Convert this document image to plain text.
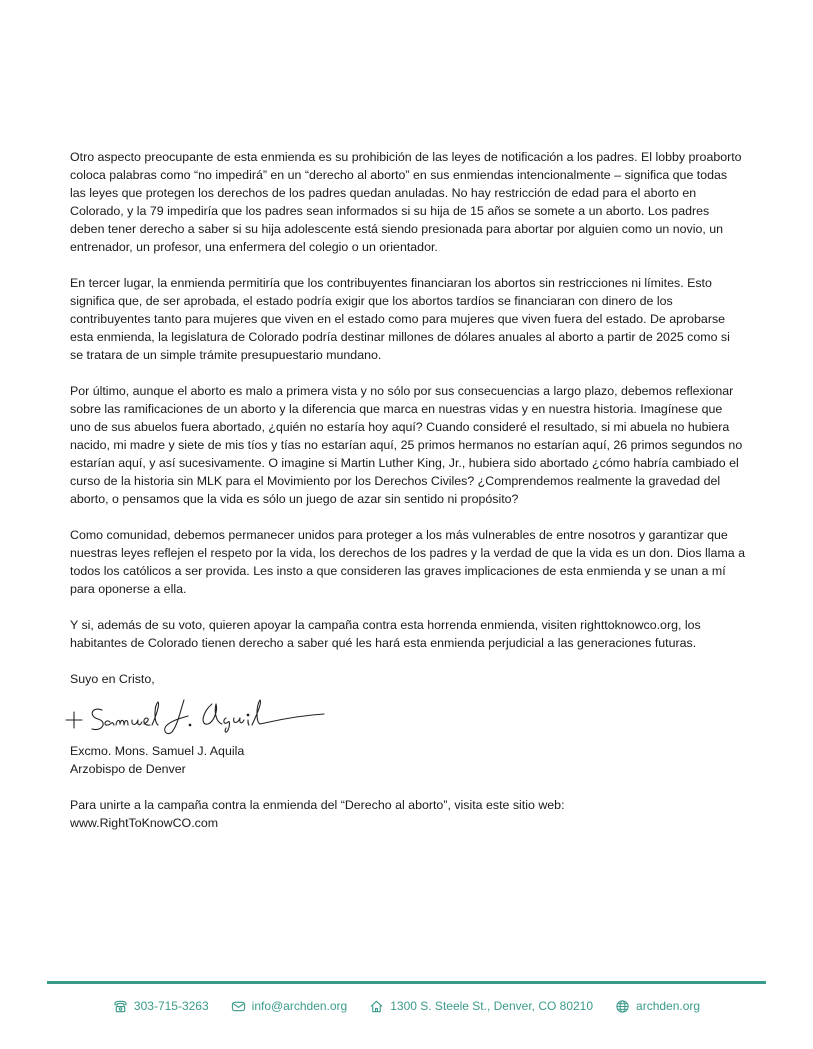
Otro aspecto preocupante de esta enmienda es su prohibición de las leyes de notificación a los padres. El lobby proaborto coloca palabras como “no impedirá” en un “derecho al aborto” en sus enmiendas intencionalmente – significa que todas las leyes que protegen los derechos de los padres quedan anuladas. No hay restricción de edad para el aborto en Colorado, y la 79 impediría que los padres sean informados si su hija de 15 años se somete a un aborto. Los padres deben tener derecho a saber si su hija adolescente está siendo presionada para abortar por alguien como un novio, un entrenador, un profesor, una enfermera del colegio o un orientador.

En tercer lugar, la enmienda permitiría que los contribuyentes financiaran los abortos sin restricciones ni límites. Esto significa que, de ser aprobada, el estado podría exigir que los abortos tardíos se financiaran con dinero de los contribuyentes tanto para mujeres que viven en el estado como para mujeres que viven fuera del estado. De aprobarse esta enmienda, la legislatura de Colorado podría destinar millones de dólares anuales al aborto a partir de 2025 como si se tratara de un simple trámite presupuestario mundano.

Por último, aunque el aborto es malo a primera vista y no sólo por sus consecuencias a largo plazo, debemos reflexionar sobre las ramificaciones de un aborto y la diferencia que marca en nuestras vidas y en nuestra historia. Imagínese que uno de sus abuelos fuera abortado, ¿quién no estaría hoy aquí? Cuando consideré el resultado, si mi abuela no hubiera nacido, mi madre y siete de mis tíos y tías no estarían aquí, 25 primos hermanos no estarían aquí, 26 primos segundos no estarían aquí, y así sucesivamente. O imagine si Martin Luther King, Jr., hubiera sido abortado ¿cómo habría cambiado el curso de la historia sin MLK para el Movimiento por los Derechos Civiles? ¿Comprendemos realmente la gravedad del aborto, o pensamos que la vida es sólo un juego de azar sin sentido ni propósito?

Como comunidad, debemos permanecer unidos para proteger a los más vulnerables de entre nosotros y garantizar que nuestras leyes reflejen el respeto por la vida, los derechos de los padres y la verdad de que la vida es un don. Dios llama a todos los católicos a ser provida. Les insto a que consideren las graves implicaciones de esta enmienda y se unan a mí para oponerse a ella.

Y si, además de su voto, quieren apoyar la campaña contra esta horrenda enmienda, visiten righttoknowco.org, los habitantes de Colorado tienen derecho a saber qué les hará esta enmienda perjudicial a las generaciones futuras.

Suyo en Cristo,

Excmo. Mons. Samuel J. Aquila

Arzobispo de Denver

Para unirte a la campaña contra la enmienda del “Derecho al aborto”, visita este sitio web:

www.RightToKnowCO.com

303-715-3263	info@archden.org	1300 S. Steele St., Denver, CO 80210	archden.org
